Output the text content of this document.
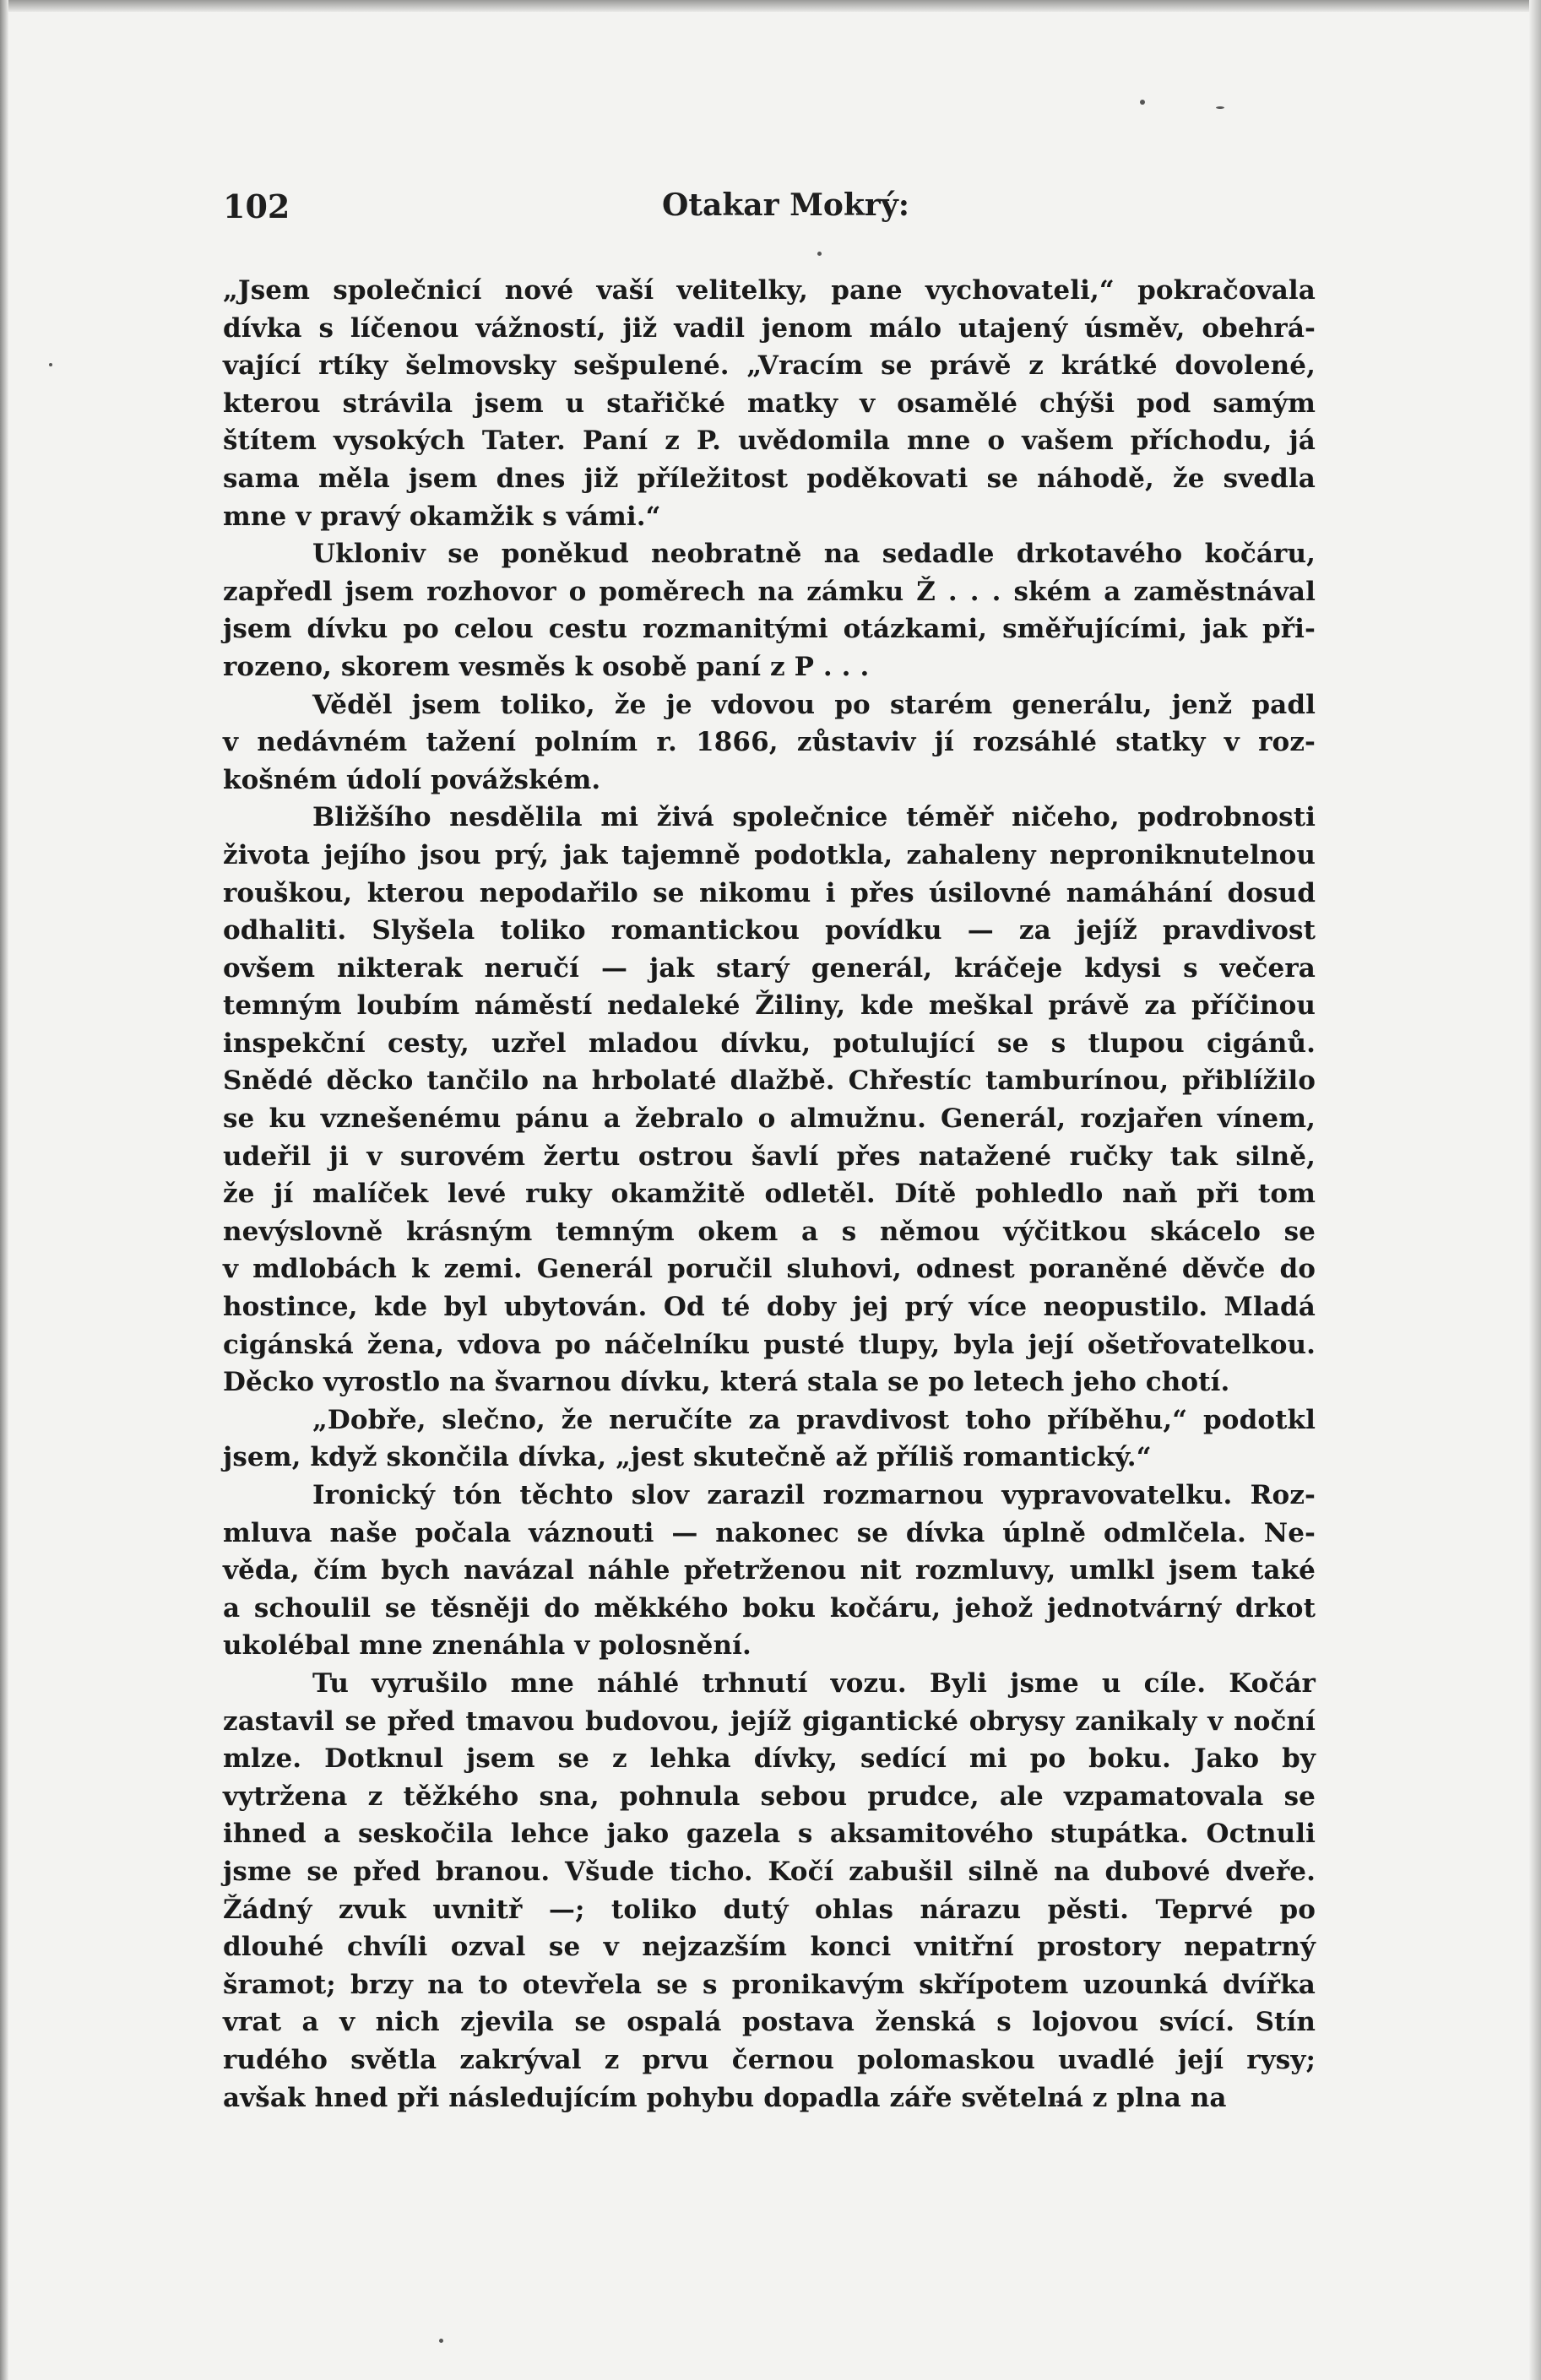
102	Otakar Mokrý:

„Jsem společnicí nové vaší velitelky, pane vychovateli,“ pokračovala
dívka s líčenou vážností, již vadil jenom málo utajený úsměv, obehrá-
vající rtíky šelmovsky sešpulené. „Vracím se právě z krátké dovolené,
kterou strávila jsem u stařičké matky v osamělé chýši pod samým
štítem vysokých Tater. Paní z P. uvědomila mne o vašem příchodu, já
sama měla jsem dnes již příležitost poděkovati se náhodě, že svedla
mne v pravý okamžik s vámi.“

Ukloniv se poněkud neobratně na sedadle drkotavého kočáru,
zapředl jsem rozhovor o poměrech na zámku Ž . . . ském a zaměstnával
jsem dívku po celou cestu rozmanitými otázkami, směřujícími, jak při-
rozeno, skorem vesměs k osobě paní z P . . .

Věděl jsem toliko, že je vdovou po starém generálu, jenž padl
v nedávném tažení polním r. 1866, zůstaviv jí rozsáhlé statky v roz-
košném údolí povážském.

Bližšího nesdělila mi živá společnice téměř ničeho, podrobnosti
života jejího jsou prý, jak tajemně podotkla, zahaleny neproniknutelnou
rouškou, kterou nepodařilo se nikomu i přes úsilovné namáhání dosud
odhaliti. Slyšela toliko romantickou povídku — za jejíž pravdivost
ovšem nikterak neručí — jak starý generál, kráčeje kdysi s večera
temným loubím náměstí nedaleké Žiliny, kde meškal právě za příčinou
inspekční cesty, uzřel mladou dívku, potulující se s tlupou cigánů.
Snědé děcko tančilo na hrbolaté dlažbě. Chřestíc tamburínou, přiblížilo
se ku vznešenému pánu a žebralo o almužnu. Generál, rozjařen vínem,
udeřil ji v surovém žertu ostrou šavlí přes natažené ručky tak silně,
že jí malíček levé ruky okamžitě odletěl. Dítě pohledlo naň při tom
nevýslovně krásným temným okem a s němou výčitkou skácelo se
v mdlobách k zemi. Generál poručil sluhovi, odnest poraněné děvče do
hostince, kde byl ubytován. Od té doby jej prý více neopustilo. Mladá
cigánská žena, vdova po náčelníku pusté tlupy, byla její ošetřovatelkou.
Děcko vyrostlo na švarnou dívku, která stala se po letech jeho chotí.

„Dobře, slečno, že neručíte za pravdivost toho příběhu,“ podotkl
jsem, když skončila dívka, „jest skutečně až příliš romantický.“

Ironický tón těchto slov zarazil rozmarnou vypravovatelku. Roz-
mluva naše počala váznouti — nakonec se dívka úplně odmlčela. Ne-
věda, čím bych navázal náhle přetrženou nit rozmluvy, umlkl jsem také
a schoulil se těsněji do měkkého boku kočáru, jehož jednotvárný drkot
ukolébal mne znenáhla v polosnění.

Tu vyrušilo mne náhlé trhnutí vozu. Byli jsme u cíle. Kočár
zastavil se před tmavou budovou, jejíž gigantické obrysy zanikaly v noční
mlze. Dotknul jsem se z lehka dívky, sedící mi po boku. Jako by
vytržena z těžkého sna, pohnula sebou prudce, ale vzpamatovala se
ihned a seskočila lehce jako gazela s aksamitového stupátka. Octnuli
jsme se před branou. Všude ticho. Kočí zabušil silně na dubové dveře.
Žádný zvuk uvnitř —; toliko dutý ohlas nárazu pěsti. Teprvé po
dlouhé chvíli ozval se v nejzazším konci vnitřní prostory nepatrný
šramot; brzy na to otevřela se s pronikavým skřípotem uzounká dvířka
vrat a v nich zjevila se ospalá postava ženská s lojovou svící. Stín
rudého světla zakrýval z prvu černou polomaskou uvadlé její rysy;
avšak hned při následujícím pohybu dopadla záře světelná z plna na
